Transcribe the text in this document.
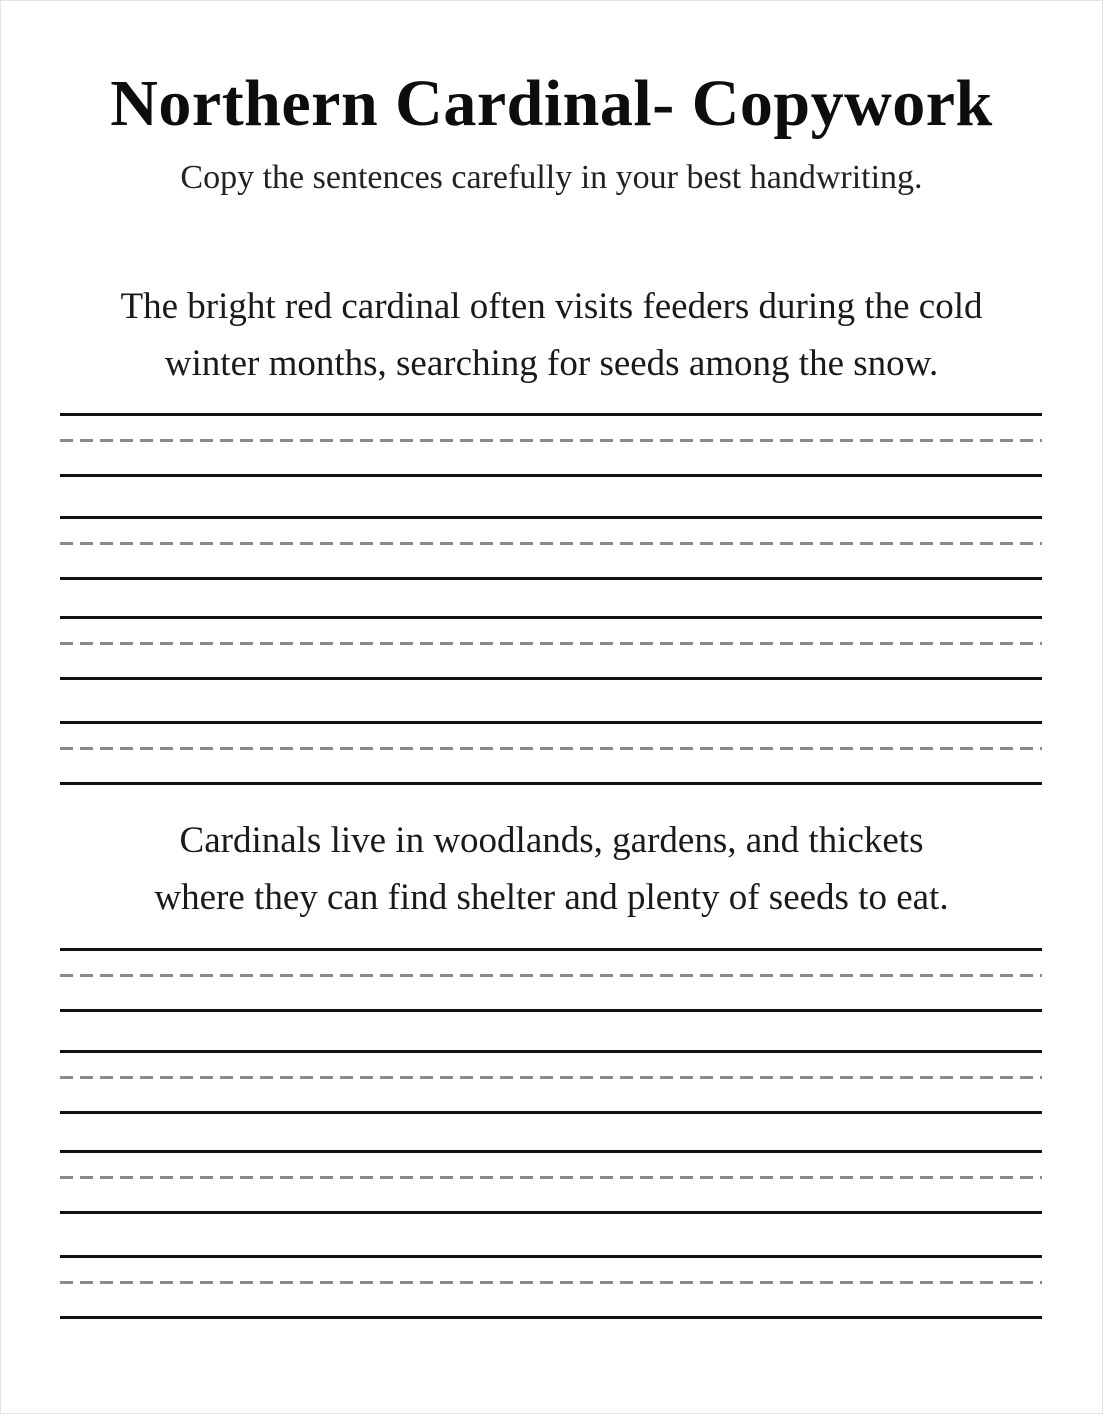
Northern Cardinal- Copywork
Copy the sentences carefully in your best handwriting.
The bright red cardinal often visits feeders during the cold
winter months, searching for seeds among the snow.
Cardinals live in woodlands, gardens, and thickets
where they can find shelter and plenty of seeds to eat.
